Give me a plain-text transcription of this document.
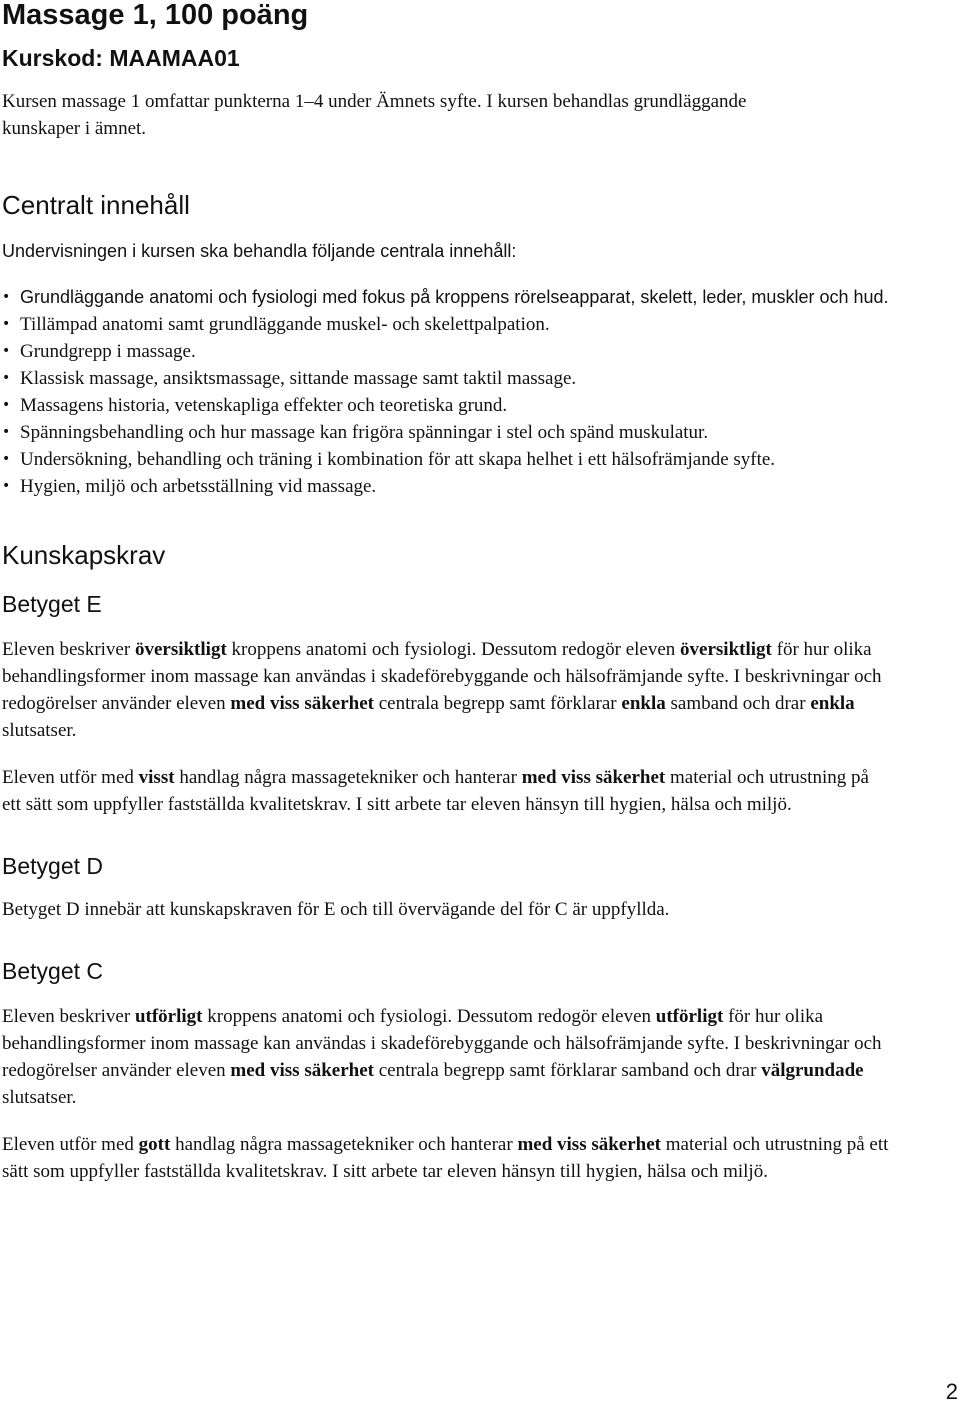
Massage 1, 100 poäng
Kurskod: MAAMAA01

Kursen massage 1 omfattar punkterna 1–4 under Ämnets syfte. I kursen behandlas grundläggande kunskaper i ämnet.

Centralt innehåll

Undervisningen i kursen ska behandla följande centrala innehåll:

• Grundläggande anatomi och fysiologi med fokus på kroppens rörelseapparat, skelett, leder, muskler och hud.
• Tillämpad anatomi samt grundläggande muskel- och skelettpalpation.
• Grundgrepp i massage.
• Klassisk massage, ansiktsmassage, sittande massage samt taktil massage.
• Massagens historia, vetenskapliga effekter och teoretiska grund.
• Spänningsbehandling och hur massage kan frigöra spänningar i stel och spänd muskulatur.
• Undersökning, behandling och träning i kombination för att skapa helhet i ett hälsofrämjande syfte.
• Hygien, miljö och arbetsställning vid massage.
Kunskapskrav
Betyget E

Eleven beskriver översiktligt kroppens anatomi och fysiologi. Dessutom redogör eleven översiktligt för hur olika behandlingsformer inom massage kan användas i skadeförebyggande och hälsofrämjande syfte. I beskrivningar och redogörelser använder eleven med viss säkerhet centrala begrepp samt förklarar enkla samband och drar enkla slutsatser.

Eleven utför med visst handlag några massagetekniker och hanterar med viss säkerhet material och utrustning på ett sätt som uppfyller fastställda kvalitetskrav. I sitt arbete tar eleven hänsyn till hygien, hälsa och miljö.

Betyget D

Betyget D innebär att kunskapskraven för E och till övervägande del för C är uppfyllda.

Betyget C

Eleven beskriver utförligt kroppens anatomi och fysiologi. Dessutom redogör eleven utförligt för hur olika behandlingsformer inom massage kan användas i skadeförebyggande och hälsofrämjande syfte. I beskrivningar och redogörelser använder eleven med viss säkerhet centrala begrepp samt förklarar samband och drar välgrundade slutsatser.

Eleven utför med gott handlag några massagetekniker och hanterar med viss säkerhet material och utrustning på ett sätt som uppfyller fastställda kvalitetskrav. I sitt arbete tar eleven hänsyn till hygien, hälsa och miljö.

2
